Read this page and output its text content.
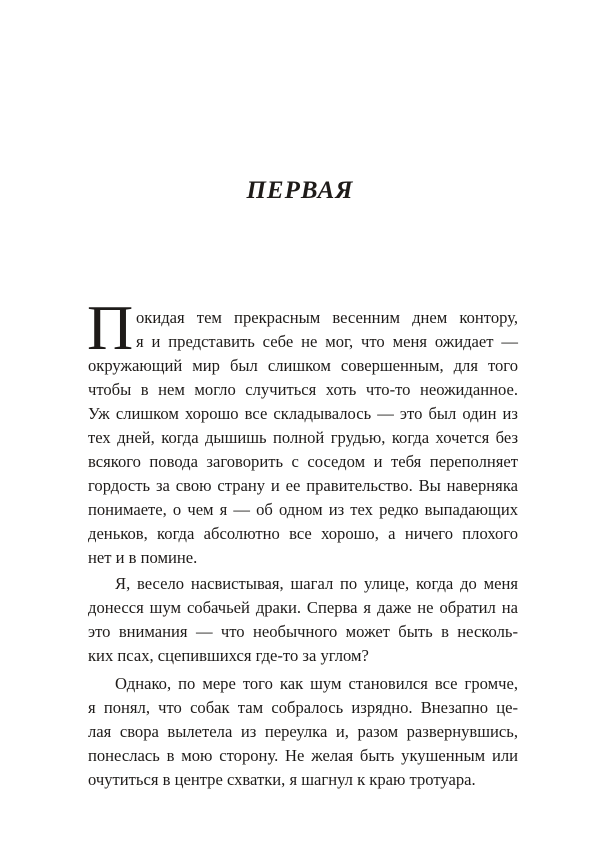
ПЕРВАЯ
П окидая тем прекрасным весенним днем контору,
я и представить себе не мог, что меня ожидает —
окружающий мир был слишком совершенным, для того
чтобы в нем могло случиться хоть что-то неожиданное.
Уж слишком хорошо все складывалось — это был один из
тех дней, когда дышишь полной грудью, когда хочется без
всякого повода заговорить с соседом и тебя переполняет
гордость за свою страну и ее правительство. Вы наверняка
понимаете, о чем я — об одном из тех редко выпадающих
деньков, когда абсолютно все хорошо, а ничего плохого
нет и в помине.
Я, весело насвистывая, шагал по улице, когда до меня
донесся шум собачьей драки. Сперва я даже не обратил на
это внимания — что необычного может быть в несколь-
ких псах, сцепившихся где-то за углом?
Однако, по мере того как шум становился все громче,
я понял, что собак там собралось изрядно. Внезапно це-
лая свора вылетела из переулка и, разом развернувшись,
понеслась в мою сторону. Не желая быть укушенным или
очутиться в центре схватки, я шагнул к краю тротуара.
